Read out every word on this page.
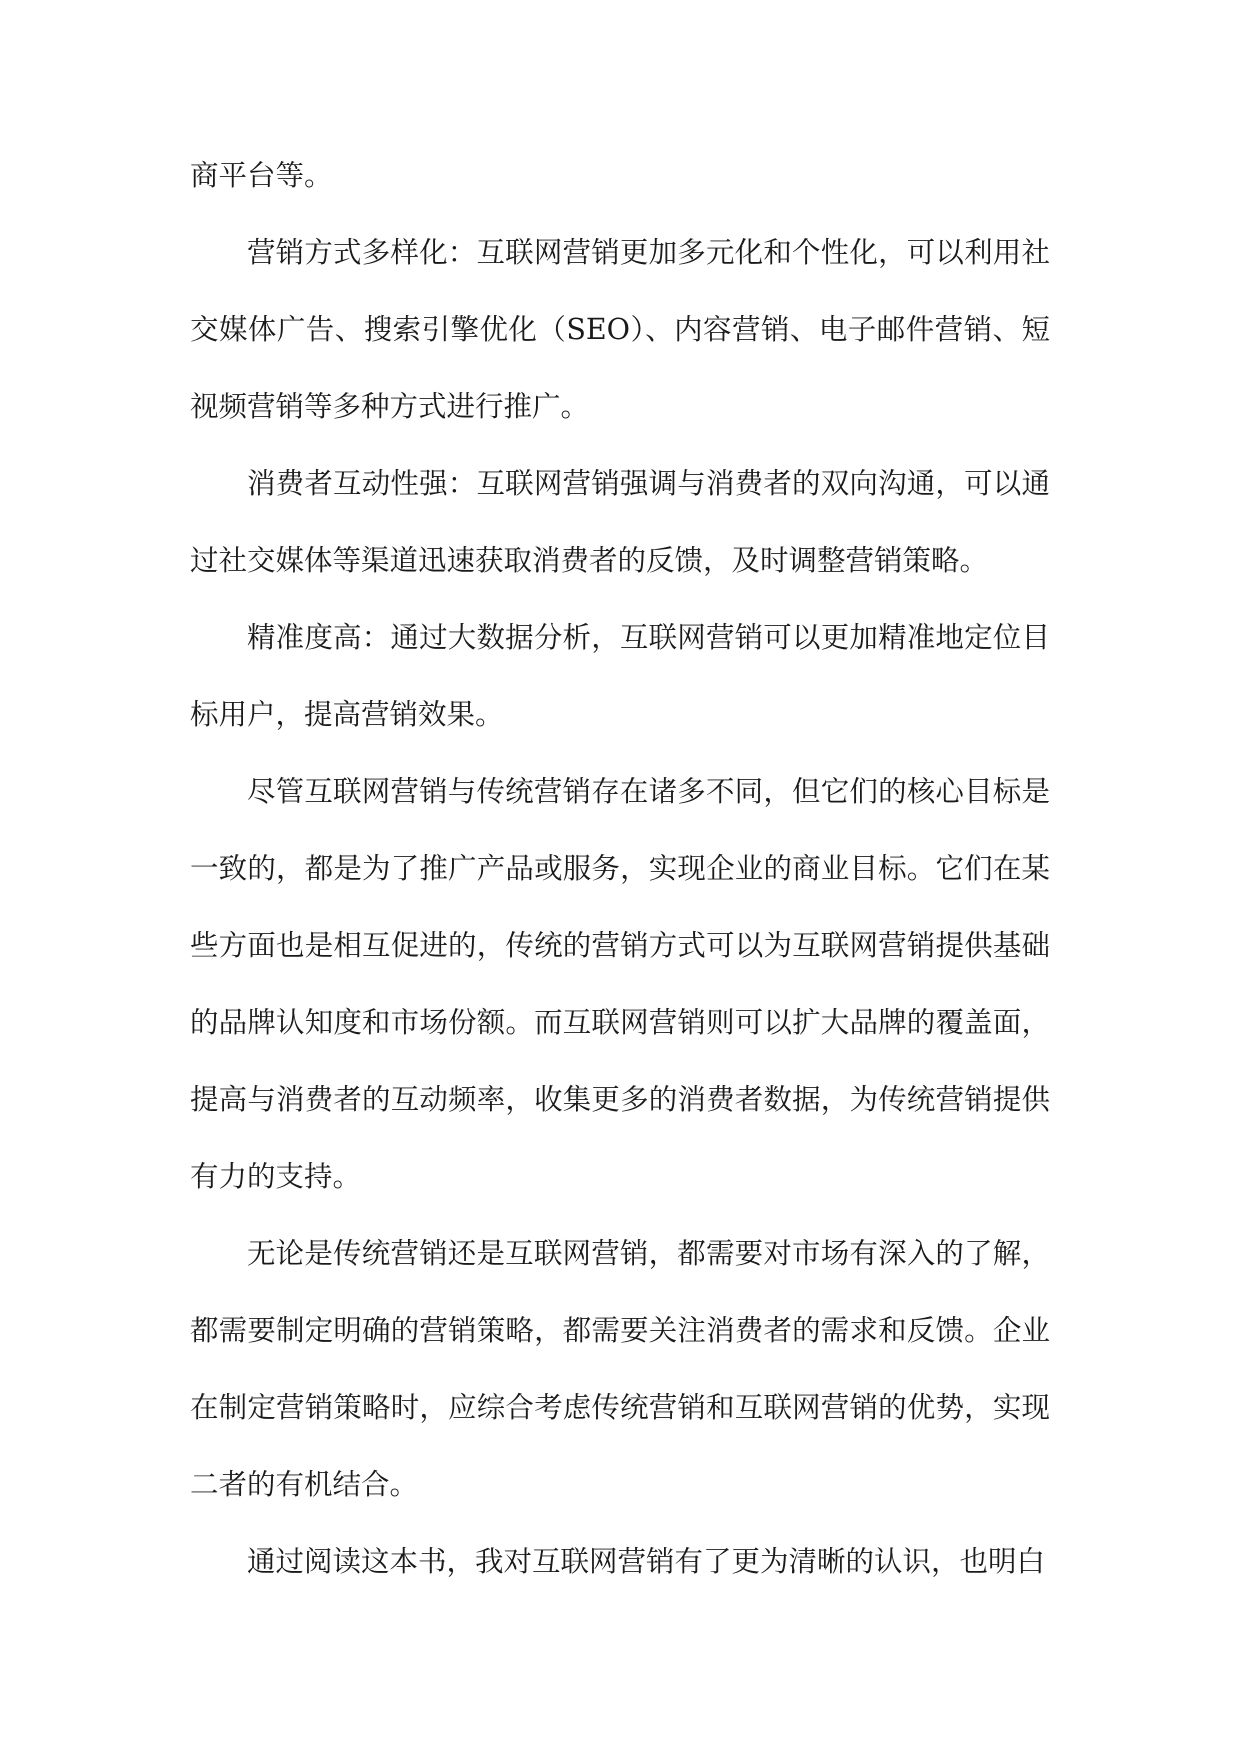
商平台等。

营销方式多样化：互联网营销更加多元化和个性化，可以利用社交媒体广告、搜索引擎优化（SEO）、内容营销、电子邮件营销、短视频营销等多种方式进行推广。

消费者互动性强：互联网营销强调与消费者的双向沟通，可以通过社交媒体等渠道迅速获取消费者的反馈，及时调整营销策略。

精准度高：通过大数据分析，互联网营销可以更加精准地定位目标用户，提高营销效果。

尽管互联网营销与传统营销存在诸多不同，但它们的核心目标是一致的，都是为了推广产品或服务，实现企业的商业目标。它们在某些方面也是相互促进的，传统的营销方式可以为互联网营销提供基础的品牌认知度和市场份额。而互联网营销则可以扩大品牌的覆盖面，提高与消费者的互动频率，收集更多的消费者数据，为传统营销提供有力的支持。

无论是传统营销还是互联网营销，都需要对市场有深入的了解，都需要制定明确的营销策略，都需要关注消费者的需求和反馈。企业在制定营销策略时，应综合考虑传统营销和互联网营销的优势，实现二者的有机结合。

通过阅读这本书，我对互联网营销有了更为清晰的认识，也明白
